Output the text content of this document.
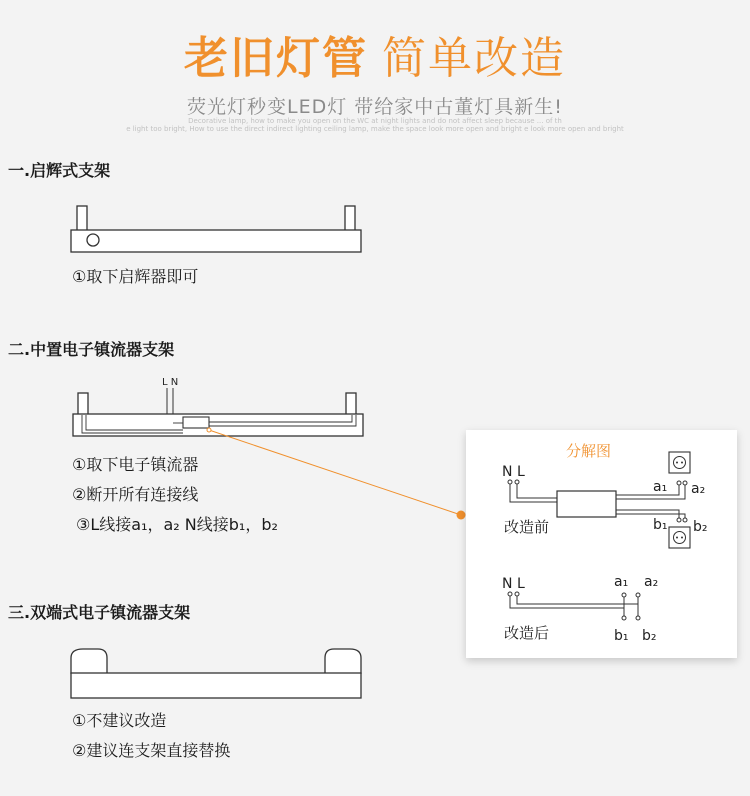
老旧灯管 简单改造
荧光灯秒变LED灯 带给家中古董灯具新生!
Decorative lamp, how to make you open on the WC at night lights and do not affect sleep because ... of th
e light too bright, How to use the direct indirect lighting ceiling lamp, make the space look more open and bright e look more open and bright
一.启辉式支架
①取下启辉器即可
二.中置电子镇流器支架
L N
①取下电子镇流器
②断开所有连接线
③L线接a₁，a₂ N线接b₁，b₂
三.双端式电子镇流器支架
①不建议改造
②建议连支架直接替换
分解图
N L
a₁ a₂
b₁ b₂
改造前
N L	a₁ a₂
b₁ b₂
改造后
